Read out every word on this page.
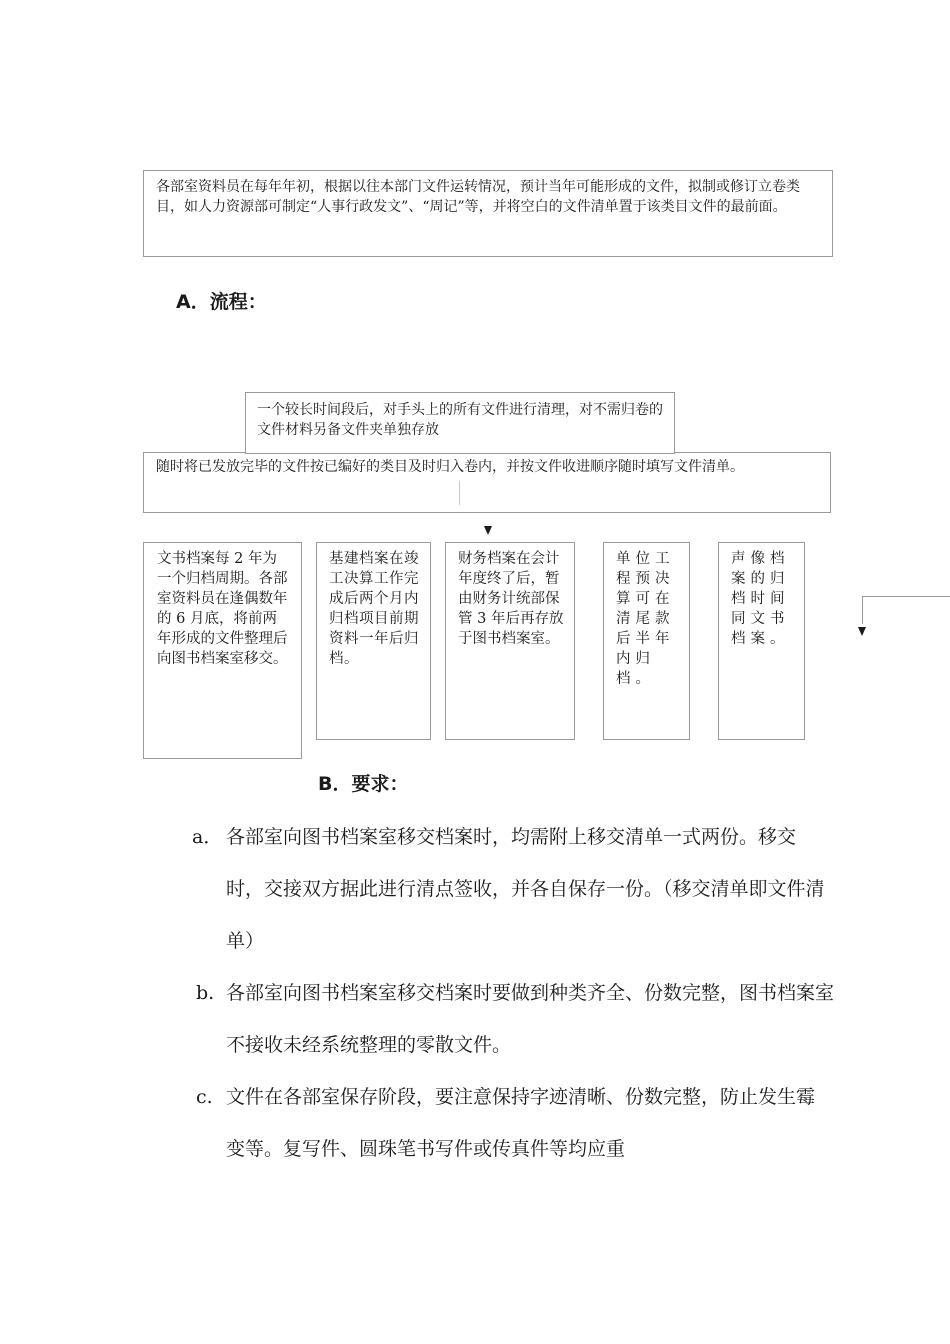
各部室资料员在每年年初，根据以往本部门文件运转情况，预计当年可能形成的文件，拟制或修订立卷类目，如人力资源部可制定“人事行政发文”、“周记”等，并将空白的文件清单置于该类目文件的最前面。
A．流程：
一个较长时间段后，对手头上的所有文件进行清理，对不需归卷的文件材料另备文件夹单独存放
随时将已发放完毕的文件按已编好的类目及时归入卷内，并按文件收进顺序随时填写文件清单。
文书档案每 2 年为一个归档周期。各部室资料员在逢偶数年的 6 月底，将前两年形成的文件整理后向图书档案室移交。
基建档案在竣工决算工作完成后两个月内归档项目前期资料一年后归档。
财务档案在会计年度终了后，暂由财务计统部保管 3 年后再存放于图书档案室。
单位工程预决算可在清尾款后半年内归档。
声像档案的归档时间同文书档案。
B．要求：
a． 各部室向图书档案室移交档案时，均需附上移交清单一式两份。移交时，交接双方据此进行清点签收，并各自保存一份。（移交清单即文件清单）
b. 各部室向图书档案室移交档案时要做到种类齐全、份数完整，图书档案室不接收未经系统整理的零散文件。
c. 文件在各部室保存阶段，要注意保持字迹清晰、份数完整，防止发生霉变等。复写件、圆珠笔书写件或传真件等均应重
